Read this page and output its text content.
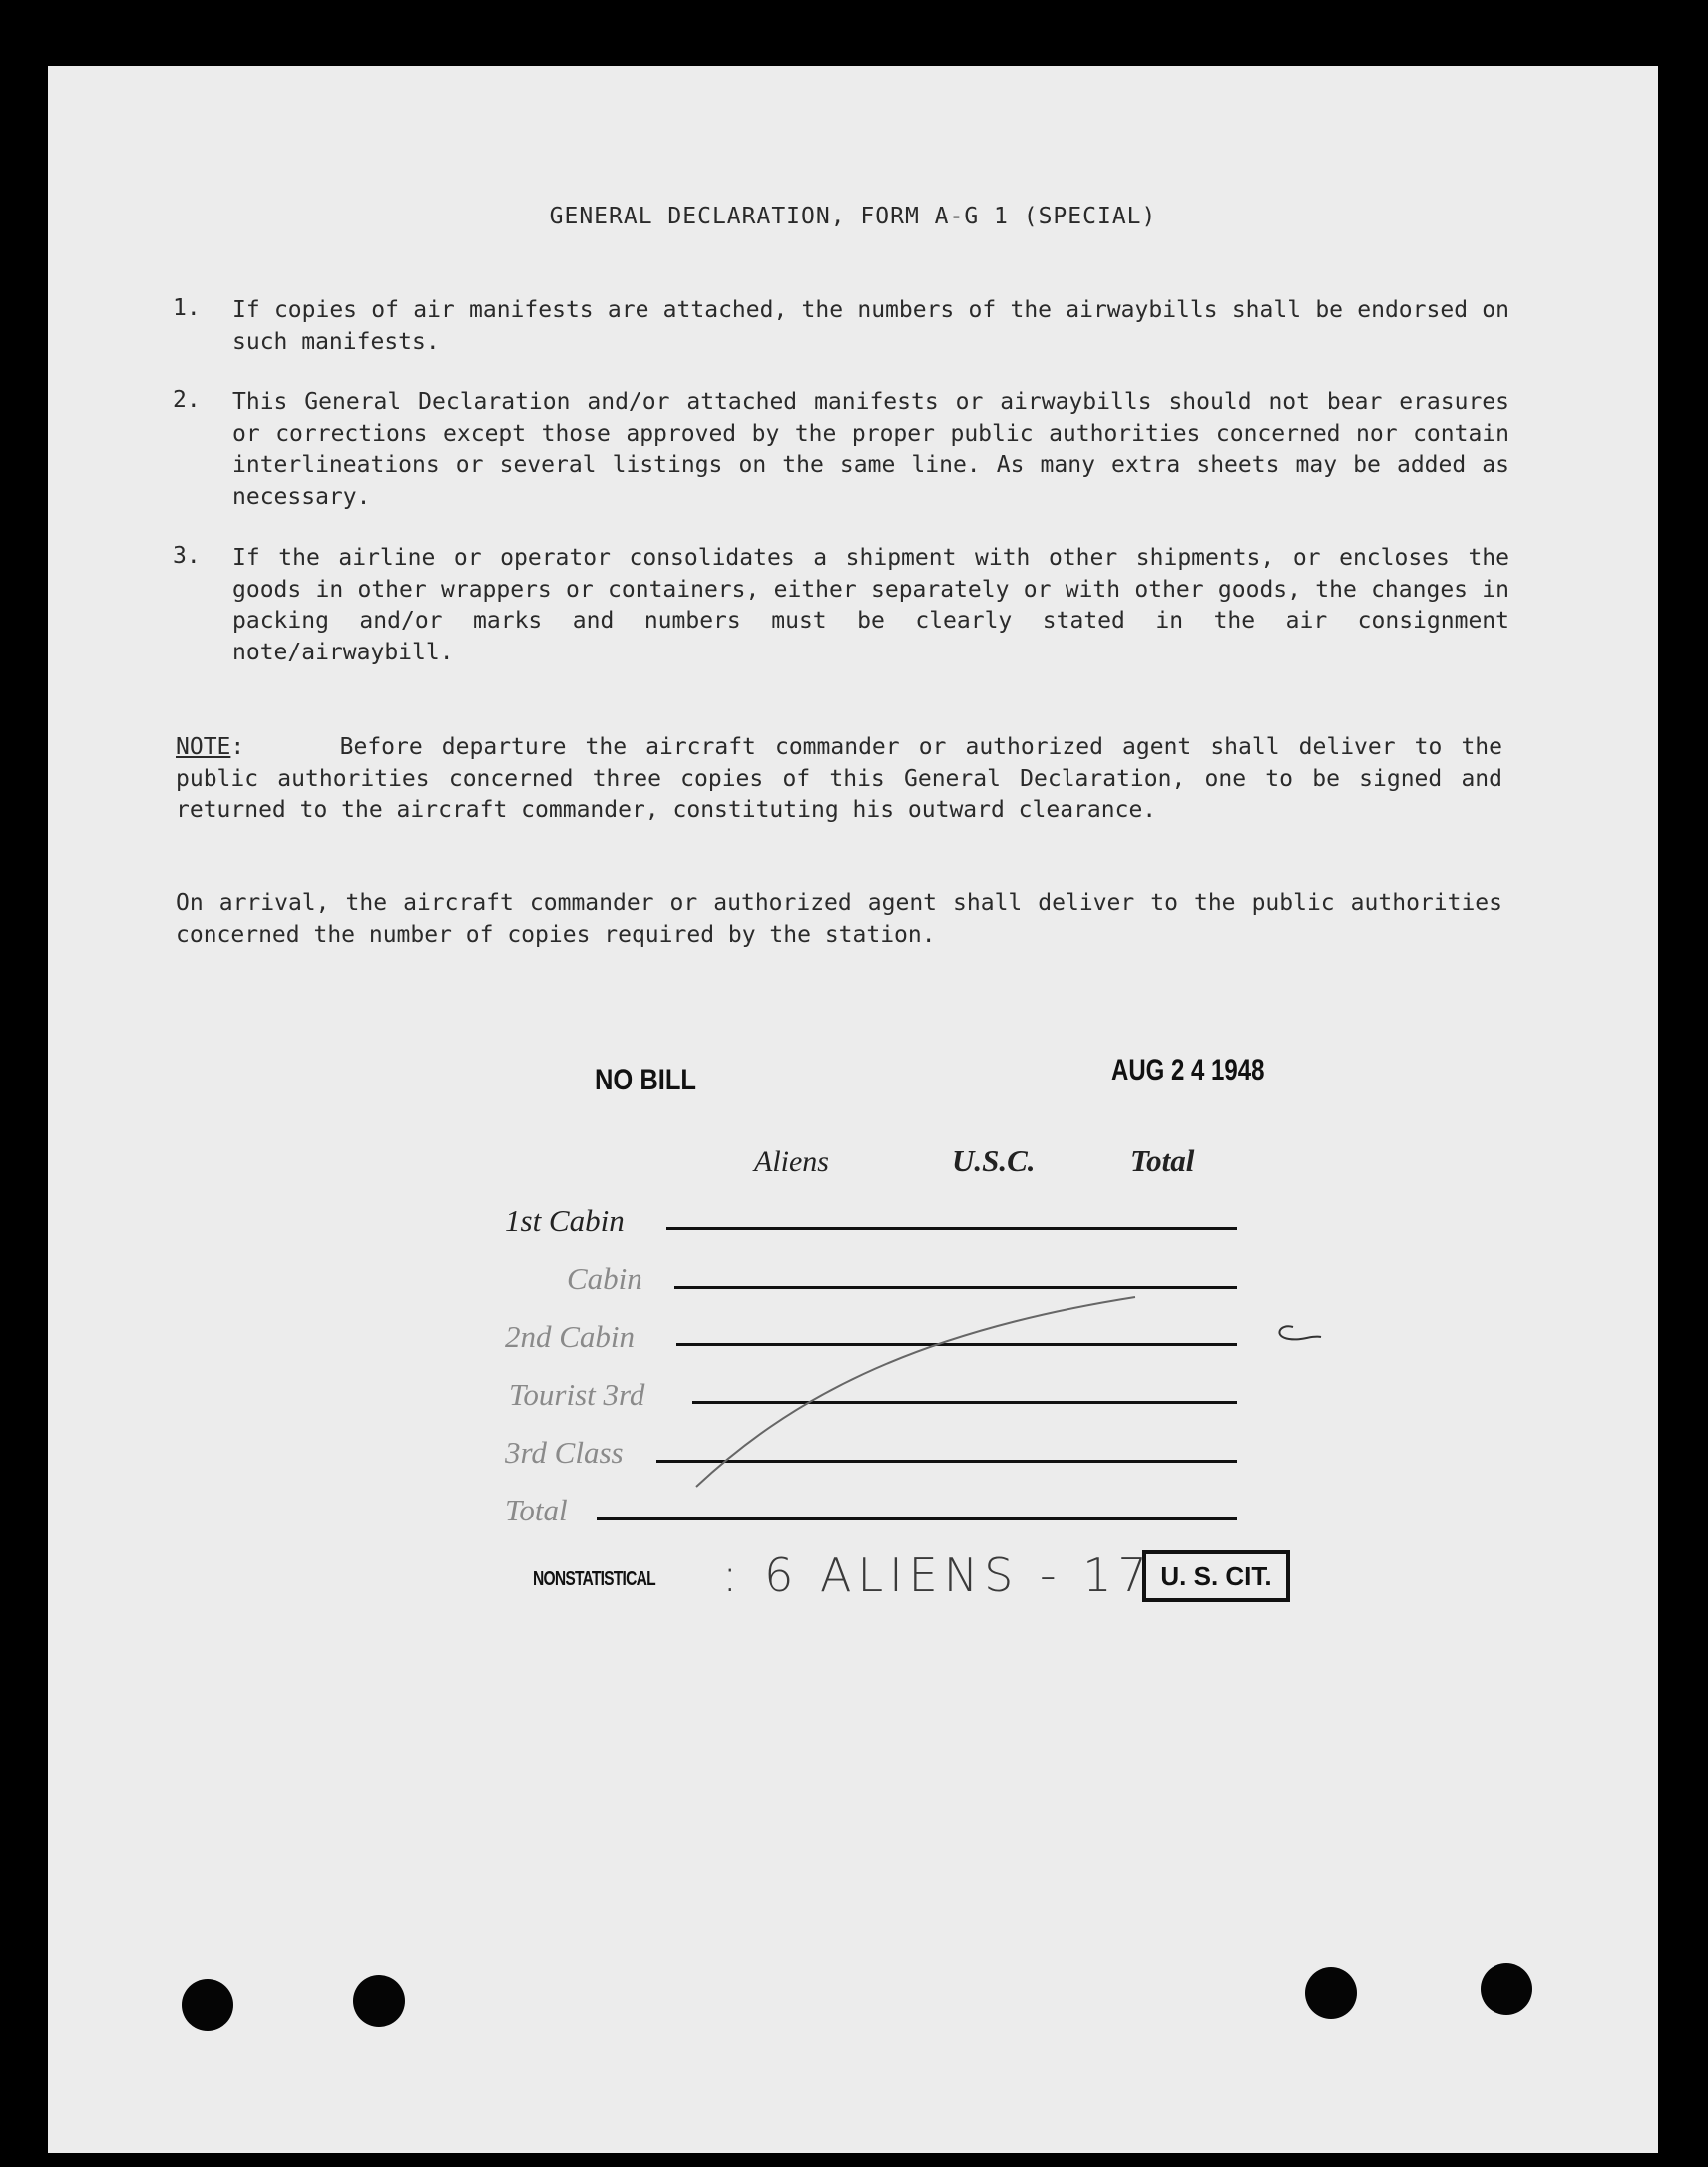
GENERAL DECLARATION, FORM A-G 1 (SPECIAL)
1. If copies of air manifests are attached, the numbers of the airwaybills shall be endorsed on such manifests.
2. This General Declaration and/or attached manifests or airwaybills should not bear erasures or corrections except those approved by the proper public authorities concerned nor contain interlineations or several listings on the same line. As many extra sheets may be added as necessary.
3. If the airline or operator consolidates a shipment with other shipments, or encloses the goods in other wrappers or containers, either separately or with other goods, the changes in packing and/or marks and numbers must be clearly stated in the air consignment note/airwaybill.
NOTE:     Before departure the aircraft commander or authorized agent shall deliver to the public authorities concerned three copies of this General Declaration, one to be signed and returned to the aircraft commander, constituting his outward clearance.
On arrival, the aircraft commander or authorized agent shall deliver to the public authorities concerned the number of copies required by the station.
NO BILL	AUG 2 4 1948
Aliens	U.S.C.	Total
1st Cabin
Cabin
2nd Cabin
Tourist 3rd
3rd Class
Total
NONSTATISTICAL : 6 ALIENS - 17 U. S. CIT.
